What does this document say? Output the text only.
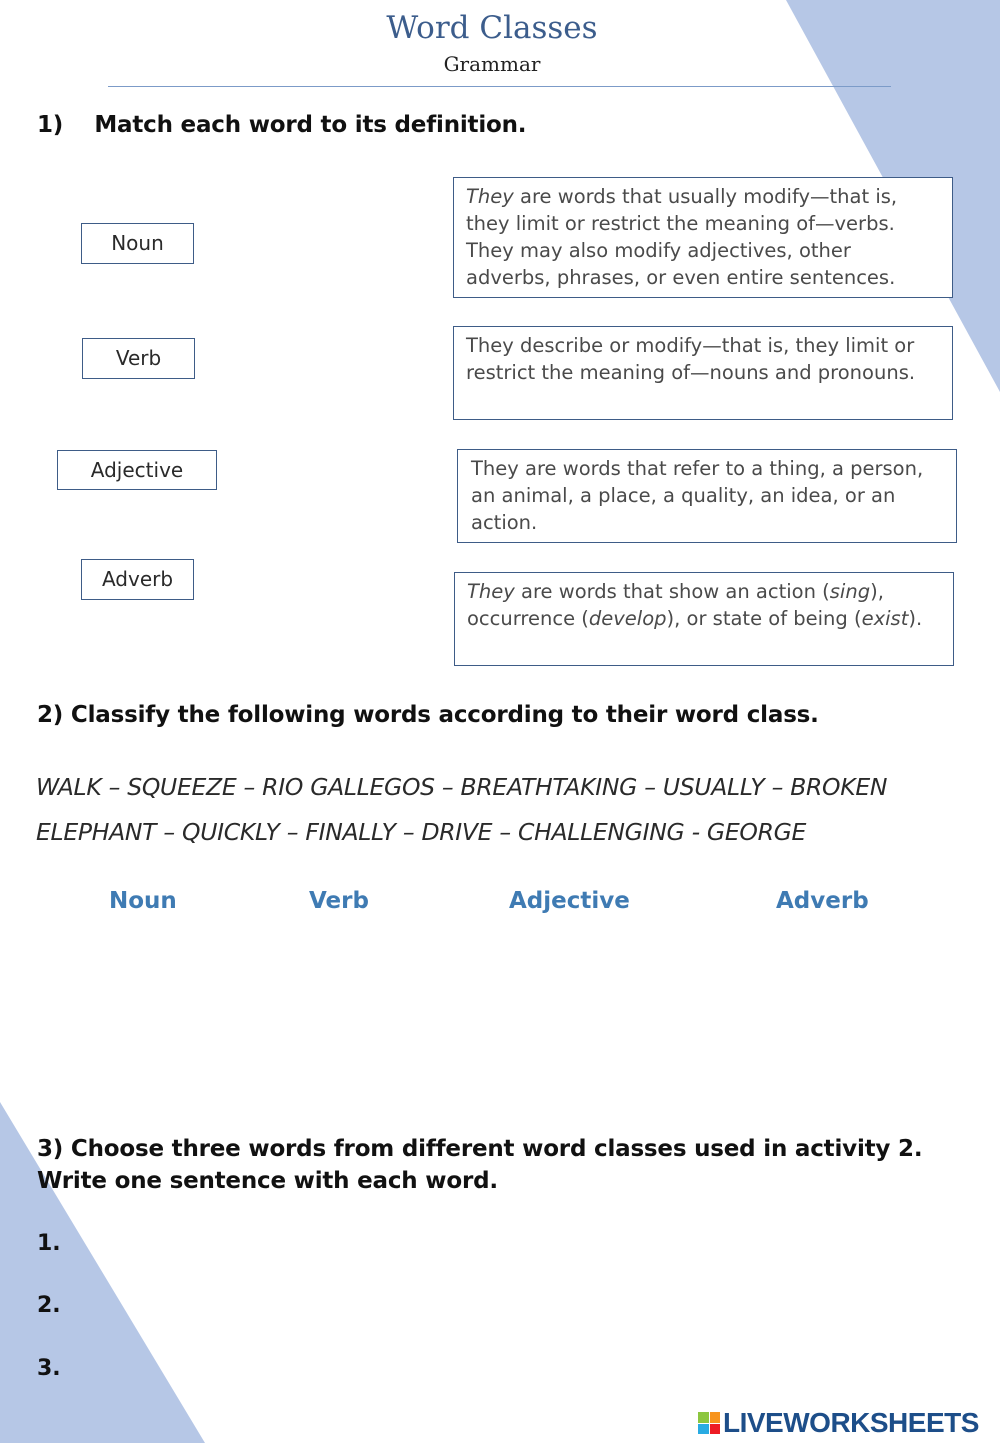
Word Classes
Grammar
1)    Match each word to its definition.
Noun
Verb
Adjective
Adverb
They are words that usually modify—that is, they limit or restrict the meaning of—verbs. They may also modify adjectives, other adverbs, phrases, or even entire sentences.
They describe or modify—that is, they limit or restrict the meaning of—nouns and pronouns.
They are words that refer to a thing, a person, an animal, a place, a quality, an idea, or an action.
They are words that show an action (sing), occurrence (develop), or state of being (exist).
2) Classify the following words according to their word class.
WALK – SQUEEZE – RIO GALLEGOS – BREATHTAKING – USUALLY – BROKEN
ELEPHANT – QUICKLY – FINALLY – DRIVE – CHALLENGING - GEORGE
Noun	Verb	Adjective	Adverb
3) Choose three words from different word classes used in activity 2.
Write one sentence with each word.
1.
2.
3.
LIVEWORKSHEETS
